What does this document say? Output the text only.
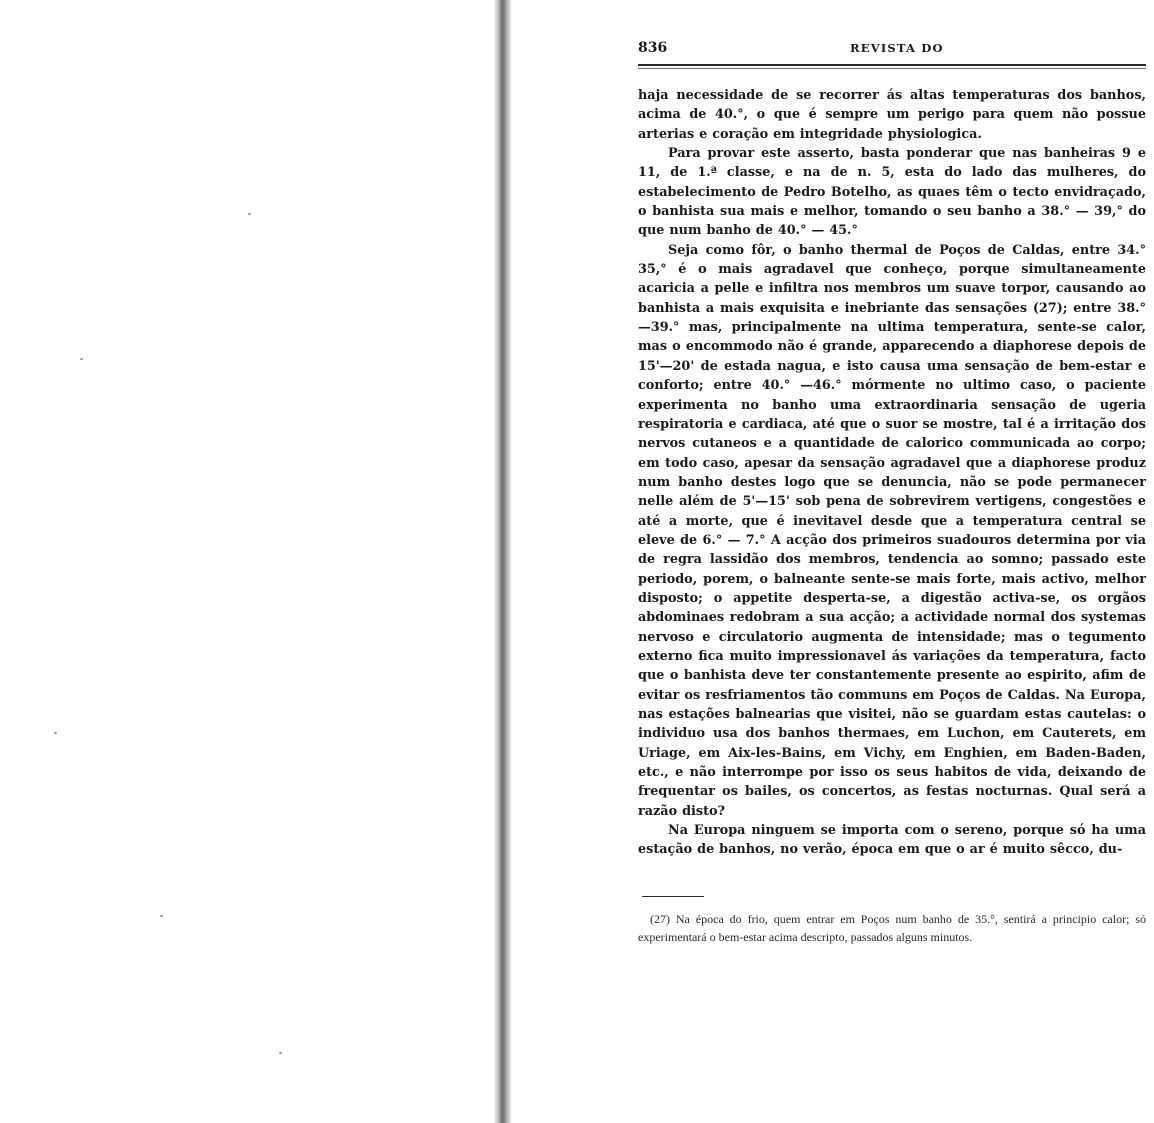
836	REVISTA DO

haja necessidade de se recorrer ás altas temperaturas dos banhos, acima de 40.°, o que é sempre um perigo para quem não possue arterias e coração em integridade physiologica.

Para provar este asserto, basta ponderar que nas banheiras 9 e 11, de 1.ª classe, e na de n. 5, esta do lado das mulheres, do estabelecimento de Pedro Botelho, as quaes têm o tecto envidraçado, o banhista sua mais e melhor, tomando o seu banho a 38.° — 39,° do que num banho de 40.° — 45.°

Seja como fôr, o banho thermal de Poços de Caldas, entre 34.° 35,° é o mais agradavel que conheço, porque simultaneamente acaricia a pelle e infiltra nos membros um suave torpor, causando ao banhista a mais exquisita e inebriante das sensações (27); entre 38.°—39.° mas, principalmente na ultima temperatura, sente-se calor, mas o encommodo não é grande, apparecendo a diaphorese depois de 15'—20' de estada nagua, e isto causa uma sensação de bem-estar e conforto; entre 40.° —46.° mórmente no ultimo caso, o paciente experimenta no banho uma extraordinaria sensação de ugeria respiratoria e cardiaca, até que o suor se mostre, tal é a irritação dos nervos cutaneos e a quantidade de calorico communicada ao corpo; em todo caso, apesar da sensação agradavel que a diaphorese produz num banho destes logo que se denuncia, não se pode permanecer nelle além de 5'—15' sob pena de sobrevirem vertigens, congestões e até a morte, que é inevitavel desde que a temperatura central se eleve de 6.° — 7.° A acção dos primeiros suadouros determina por via de regra lassidão dos membros, tendencia ao somno; passado este periodo, porem, o balneante sente-se mais forte, mais activo, melhor disposto; o appetite desperta-se, a digestão activa-se, os orgãos abdominaes redobram a sua acção; a actividade normal dos systemas nervoso e circulatorio augmenta de intensidade; mas o tegumento externo fica muito impressionavel ás variações da temperatura, facto que o banhista deve ter constantemente presente ao espirito, afim de evitar os resfriamentos tão communs em Poços de Caldas. Na Europa, nas estações balnearias que visitei, não se guardam estas cautelas: o individuo usa dos banhos thermaes, em Luchon, em Cauterets, em Uriage, em Aix-les-Bains, em Vichy, em Enghien, em Baden-Baden, etc., e não interrompe por isso os seus habitos de vida, deixando de frequentar os bailes, os concertos, as festas nocturnas. Qual será a razão disto?

Na Europa ninguem se importa com o sereno, porque só ha uma estação de banhos, no verão, época em que o ar é muito sêcco, du-

(27) Na época do frio, quem entrar em Poços num banho de 35.°, sentirá a principio calor; só experimentará o bem-estar acima descripto, passados alguns minutos.
